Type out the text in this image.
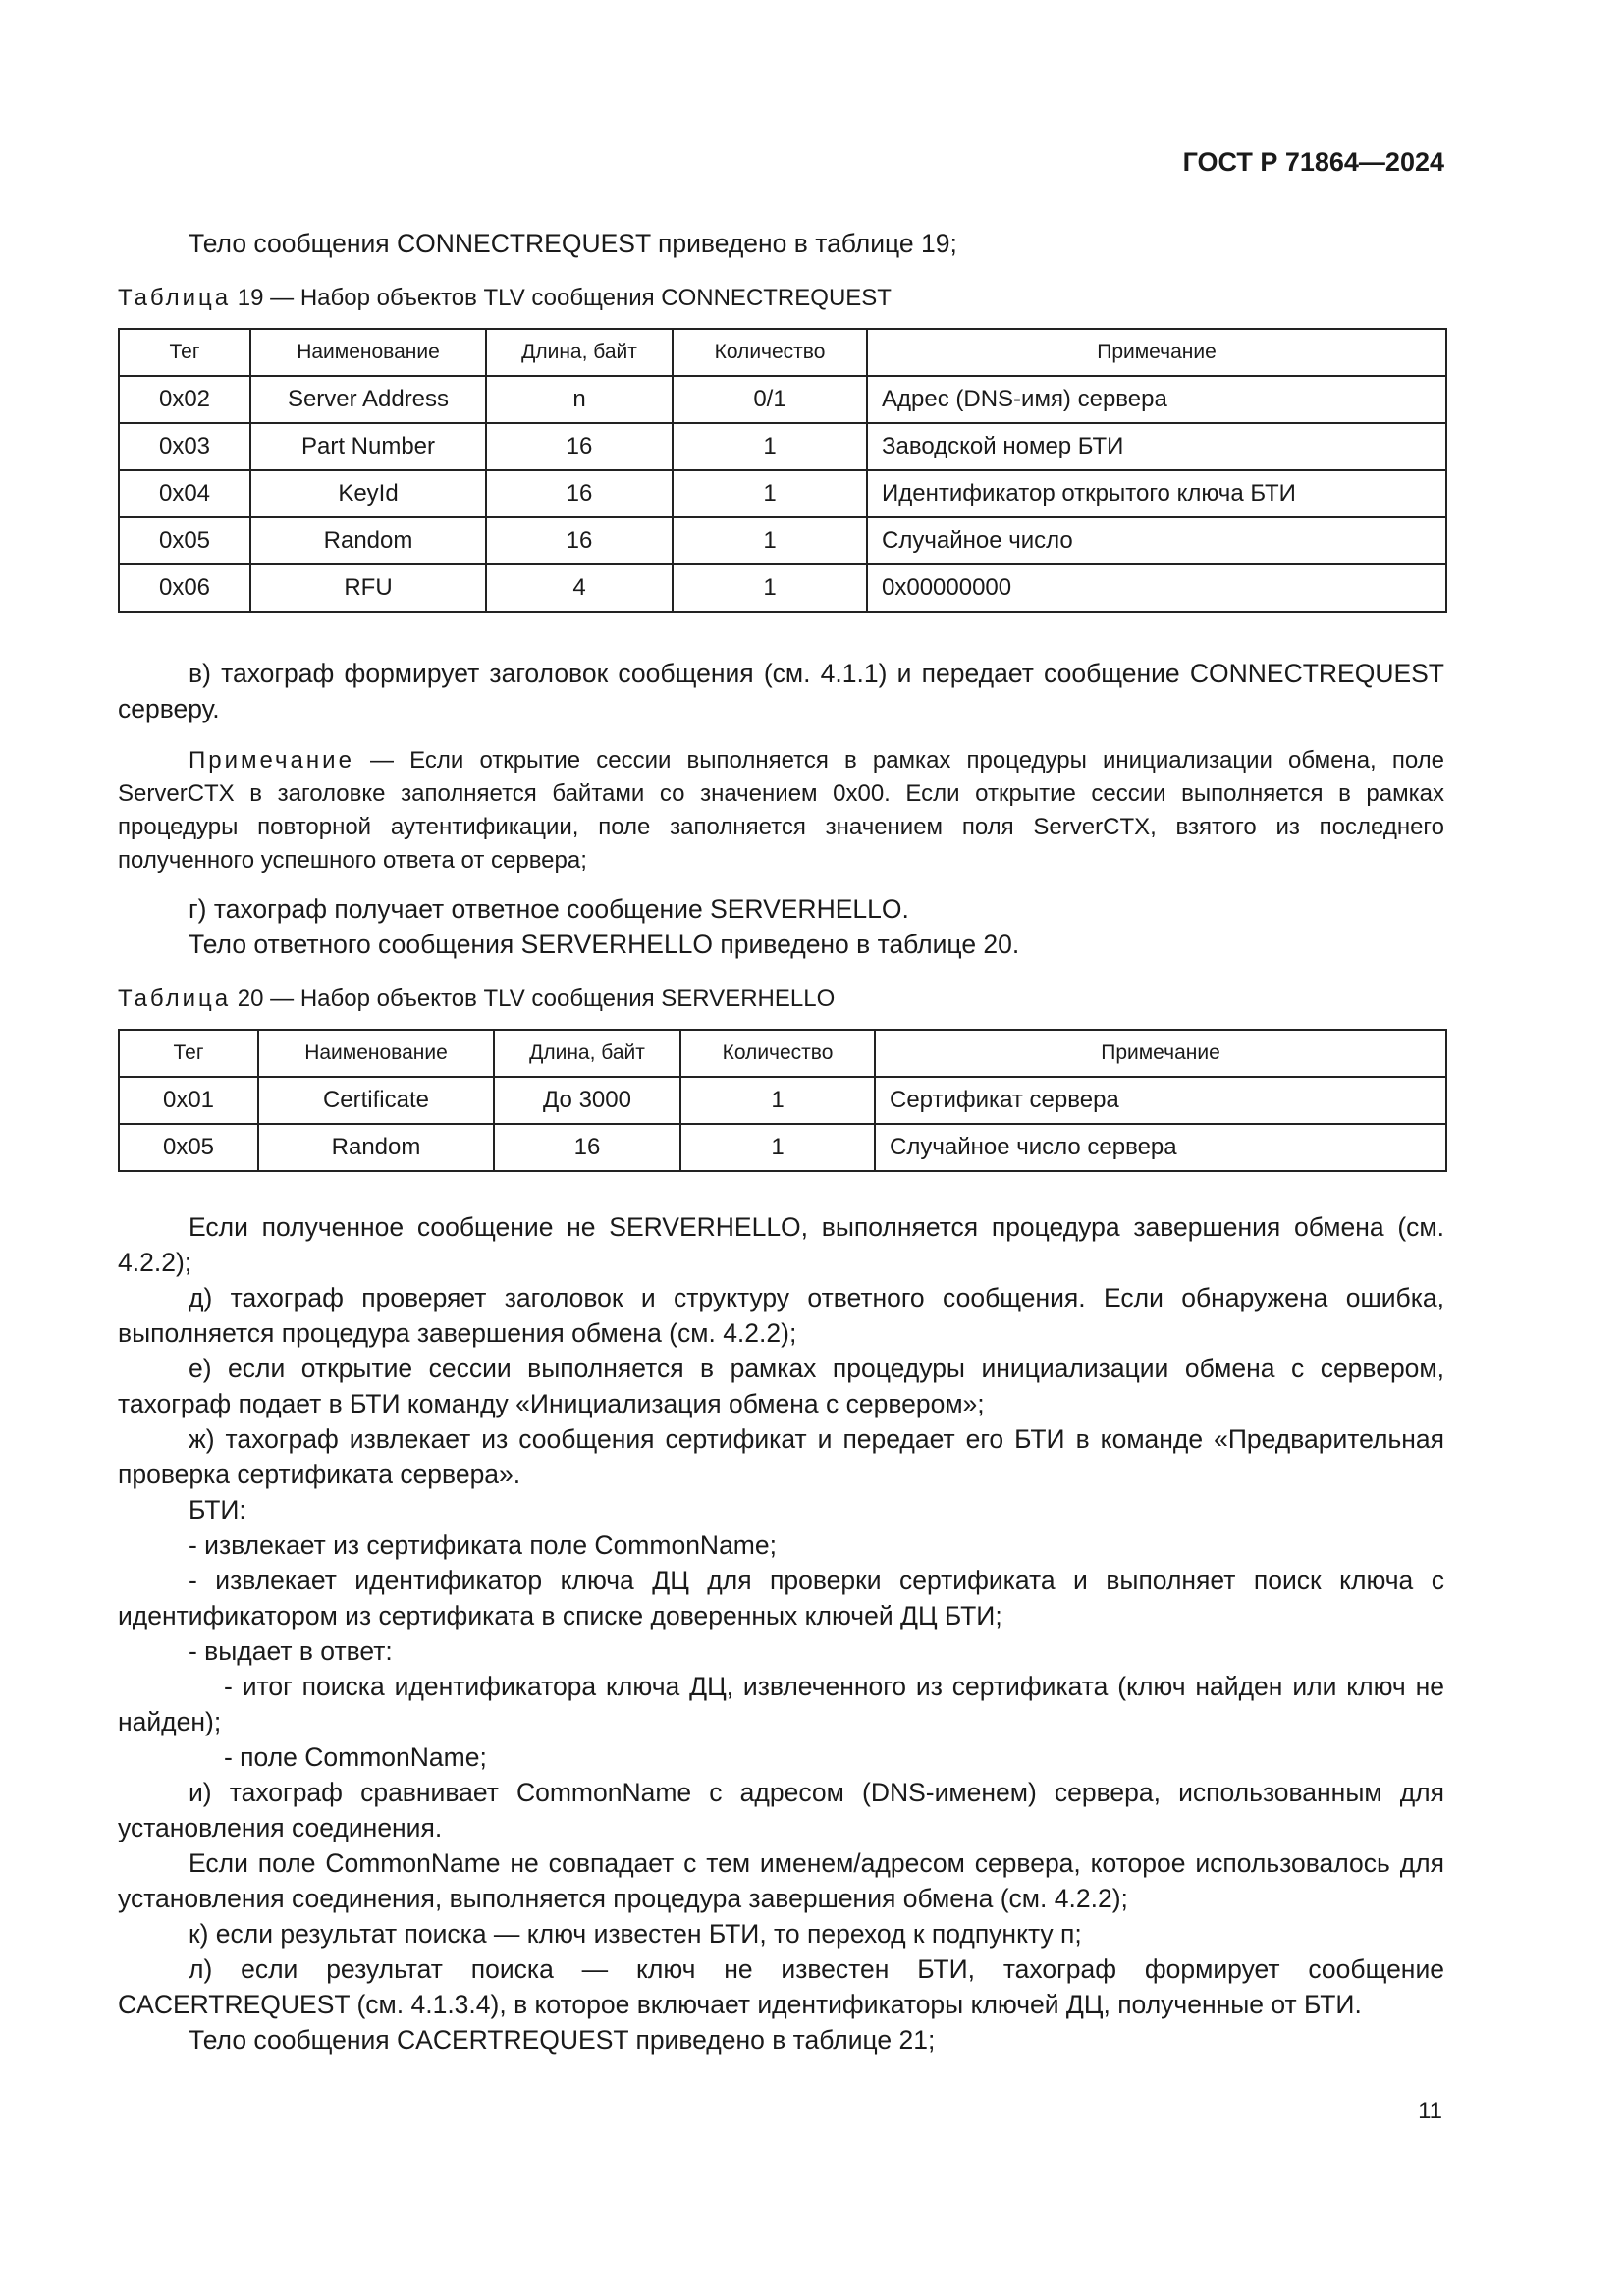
ГОСТ Р 71864—2024

Тело сообщения CONNECTREQUEST приведено в таблице 19;

Таблица 19 — Набор объектов TLV сообщения CONNECTREQUEST
Тег	Наименование	Длина, байт	Количество	Примечание
0x02	Server Address	n	0/1	Адрес (DNS-имя) сервера
0x03	Part Number	16	1	Заводской номер БТИ
0x04	KeyId	16	1	Идентификатор открытого ключа БТИ
0x05	Random	16	1	Случайное число
0x06	RFU	4	1	0x00000000

в) тахограф формирует заголовок сообщения (см. 4.1.1) и передает сообщение CONNECTREQUEST серверу.

Примечание — Если открытие сессии выполняется в рамках процедуры инициализации обмена, поле ServerCTX в заголовке заполняется байтами со значением 0x00. Если открытие сессии выполняется в рамках процедуры повторной аутентификации, поле заполняется значением поля ServerCTX, взятого из последнего полученного успешного ответа от сервера;

г) тахограф получает ответное сообщение SERVERHELLO.

Тело ответного сообщения SERVERHELLO приведено в таблице 20.

Таблица 20 — Набор объектов TLV сообщения SERVERHELLO
Тег	Наименование	Длина, байт	Количество	Примечание
0x01	Certificate	До 3000	1	Сертификат сервера
0x05	Random	16	1	Случайное число сервера

Если полученное сообщение не SERVERHELLO, выполняется процедура завершения обмена (см. 4.2.2);

д) тахограф проверяет заголовок и структуру ответного сообщения. Если обнаружена ошибка, выполняется процедура завершения обмена (см. 4.2.2);

е) если открытие сессии выполняется в рамках процедуры инициализации обмена с сервером, тахограф подает в БТИ команду «Инициализация обмена с сервером»;

ж) тахограф извлекает из сообщения сертификат и передает его БТИ в команде «Предварительная проверка сертификата сервера».

БТИ:

- извлекает из сертификата поле CommonName;

- извлекает идентификатор ключа ДЦ для проверки сертификата и выполняет поиск ключа с идентификатором из сертификата в списке доверенных ключей ДЦ БТИ;

- выдает в ответ:

- итог поиска идентификатора ключа ДЦ, извлеченного из сертификата (ключ найден или ключ не найден);

- поле CommonName;

и) тахограф сравнивает CommonName с адресом (DNS-именем) сервера, использованным для установления соединения.

Если поле CommonName не совпадает с тем именем/адресом сервера, которое использовалось для установления соединения, выполняется процедура завершения обмена (см. 4.2.2);

к) если результат поиска — ключ известен БТИ, то переход к подпункту п;

л) если результат поиска — ключ не известен БТИ, тахограф формирует сообщение CACERTREQUEST (см. 4.1.3.4), в которое включает идентификаторы ключей ДЦ, полученные от БТИ.

Тело сообщения CACERTREQUEST приведено в таблице 21;

11
